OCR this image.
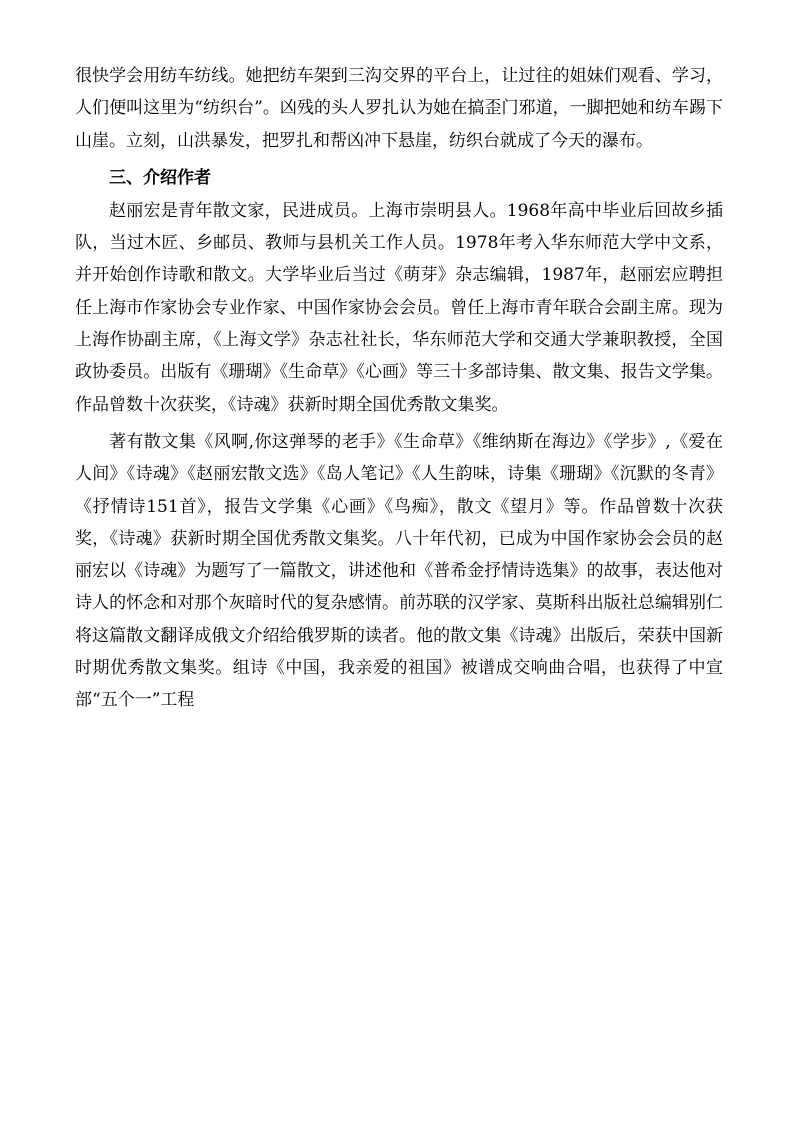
很快学会用纺车纺线。她把纺车架到三沟交界的平台上，让过往的姐妹们观看、学习，人们便叫这里为“纺织台”。凶残的头人罗扎认为她在搞歪门邪道，一脚把她和纺车踢下山崖。立刻，山洪暴发，把罗扎和帮凶冲下悬崖，纺织台就成了今天的瀑布。

三、介绍作者

赵丽宏是青年散文家，民进成员。上海市崇明县人。1968年高中毕业后回故乡插队，当过木匠、乡邮员、教师与县机关工作人员。1978年考入华东师范大学中文系，并开始创作诗歌和散文。大学毕业后当过《萌芽》杂志编辑，1987年，赵丽宏应聘担任上海市作家协会专业作家、中国作家协会会员。曾任上海市青年联合会副主席。现为上海作协副主席，《上海文学》杂志社社长，华东师范大学和交通大学兼职教授，全国政协委员。出版有《珊瑚》《生命草》《心画》等三十多部诗集、散文集、报告文学集。作品曾数十次获奖，《诗魂》获新时期全国优秀散文集奖。

著有散文集《风啊,你这弹琴的老手》《生命草》《维纳斯在海边》《学步》,《爱在人间》《诗魂》《赵丽宏散文选》《岛人笔记》《人生韵味，诗集《珊瑚》《沉默的冬青》《抒情诗151首》，报告文学集《心画》《鸟痴》，散文《望月》等。作品曾数十次获奖，《诗魂》获新时期全国优秀散文集奖。八十年代初，已成为中国作家协会会员的赵丽宏以《诗魂》为题写了一篇散文，讲述他和《普希金抒情诗选集》的故事，表达他对诗人的怀念和对那个灰暗时代的复杂感情。前苏联的汉学家、莫斯科出版社总编辑别仁将这篇散文翻译成俄文介绍给俄罗斯的读者。他的散文集《诗魂》出版后，荣获中国新时期优秀散文集奖。组诗《中国，我亲爱的祖国》被谱成交响曲合唱，也获得了中宣部“五个一”工程
